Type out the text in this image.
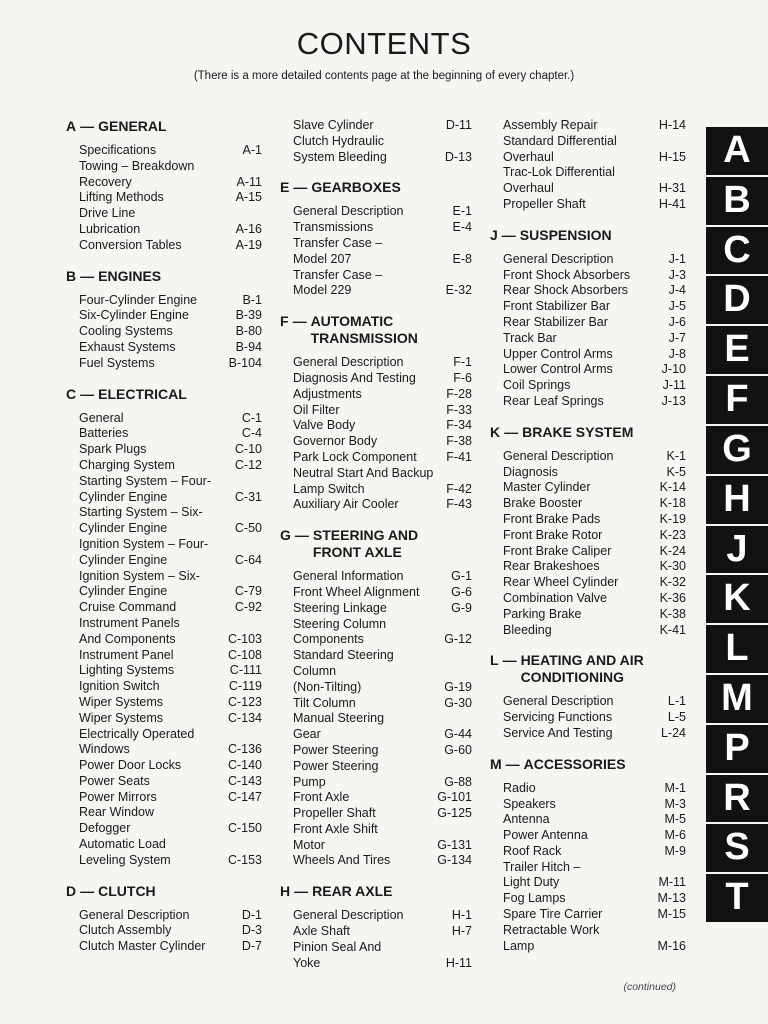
CONTENTS

(There is a more detailed contents page at the beginning of every chapter.)

A — GENERAL
Specifications	A-1
Towing – Breakdown
Recovery	A-11
Lifting Methods	A-15
Drive Line
Lubrication	A-16
Conversion Tables	A-19
B — ENGINES
Four-Cylinder Engine	B-1
Six-Cylinder Engine	B-39
Cooling Systems	B-80
Exhaust Systems	B-94
Fuel Systems	B-104
C — ELECTRICAL
General	C-1
Batteries	C-4
Spark Plugs	C-10
Charging System	C-12
Starting System – Four-
Cylinder Engine	C-31
Starting System – Six-
Cylinder Engine	C-50
Ignition System – Four-
Cylinder Engine	C-64
Ignition System – Six-
Cylinder Engine	C-79
Cruise Command	C-92
Instrument Panels
And Components	C-103
Instrument Panel	C-108
Lighting Systems	C-111
Ignition Switch	C-119
Wiper Systems	C-123
Wiper Systems	C-134
Electrically Operated
Windows	C-136
Power Door Locks	C-140
Power Seats	C-143
Power Mirrors	C-147
Rear Window
Defogger	C-150
Automatic Load
Leveling System	C-153
D — CLUTCH
General Description	D-1
Clutch Assembly	D-3
Clutch Master Cylinder	D-7
Slave Cylinder	D-11
Clutch Hydraulic
System Bleeding	D-13
E — GEARBOXES
General Description	E-1
Transmissions	E-4
Transfer Case –
Model 207	E-8
Transfer Case –
Model 229	E-32
F — AUTOMATIC
TRANSMISSION
General Description	F-1
Diagnosis And Testing	F-6
Adjustments	F-28
Oil Filter	F-33
Valve Body	F-34
Governor Body	F-38
Park Lock Component F-41
Neutral Start And Backup
Lamp Switch	F-42
Auxiliary Air Cooler	F-43
G — STEERING AND
FRONT AXLE
General Information	G-1
Front Wheel Alignment	G-6
Steering Linkage	G-9
Steering Column
Components	G-12
Standard Steering Column
(Non-Tilting)	G-19
Tilt Column	G-30
Manual Steering
Gear	G-44
Power Steering	G-60
Power Steering
Pump	G-88
Front Axle	G-101
Propeller Shaft	G-125
Front Axle Shift
Motor	G-131
Wheels And Tires	G-134
H — REAR AXLE
General Description	H-1
Axle Shaft	H-7
Pinion Seal And
Yoke	H-11
Assembly Repair	H-14
Standard Differential
Overhaul	H-15
Trac-Lok Differential
Overhaul	H-31
Propeller Shaft	H-41
J — SUSPENSION
General Description	J-1
Front Shock Absorbers	J-3
Rear Shock Absorbers	J-4
Front Stabilizer Bar	J-5
Rear Stabilizer Bar	J-6
Track Bar	J-7
Upper Control Arms	J-8
Lower Control Arms	J-10
Coil Springs	J-11
Rear Leaf Springs	J-13
K — BRAKE SYSTEM
General Description	K-1
Diagnosis	K-5
Master Cylinder	K-14
Brake Booster	K-18
Front Brake Pads	K-19
Front Brake Rotor	K-23
Front Brake Caliper	K-24
Rear Brakeshoes	K-30
Rear Wheel Cylinder	K-32
Combination Valve	K-36
Parking Brake	K-38
Bleeding	K-41
L — HEATING AND AIR
CONDITIONING
General Description	L-1
Servicing Functions	L-5
Service And Testing	L-24
M — ACCESSORIES
Radio	M-1
Speakers	M-3
Antenna	M-5
Power Antenna	M-6
Roof Rack	M-9
Trailer Hitch –
Light Duty	M-11
Fog Lamps	M-13
Spare Tire Carrier	M-15
Retractable Work
Lamp	M-16
A
B
C
D
E
F
G
H
J
K
L
M
P
R
S
T
(continued)
